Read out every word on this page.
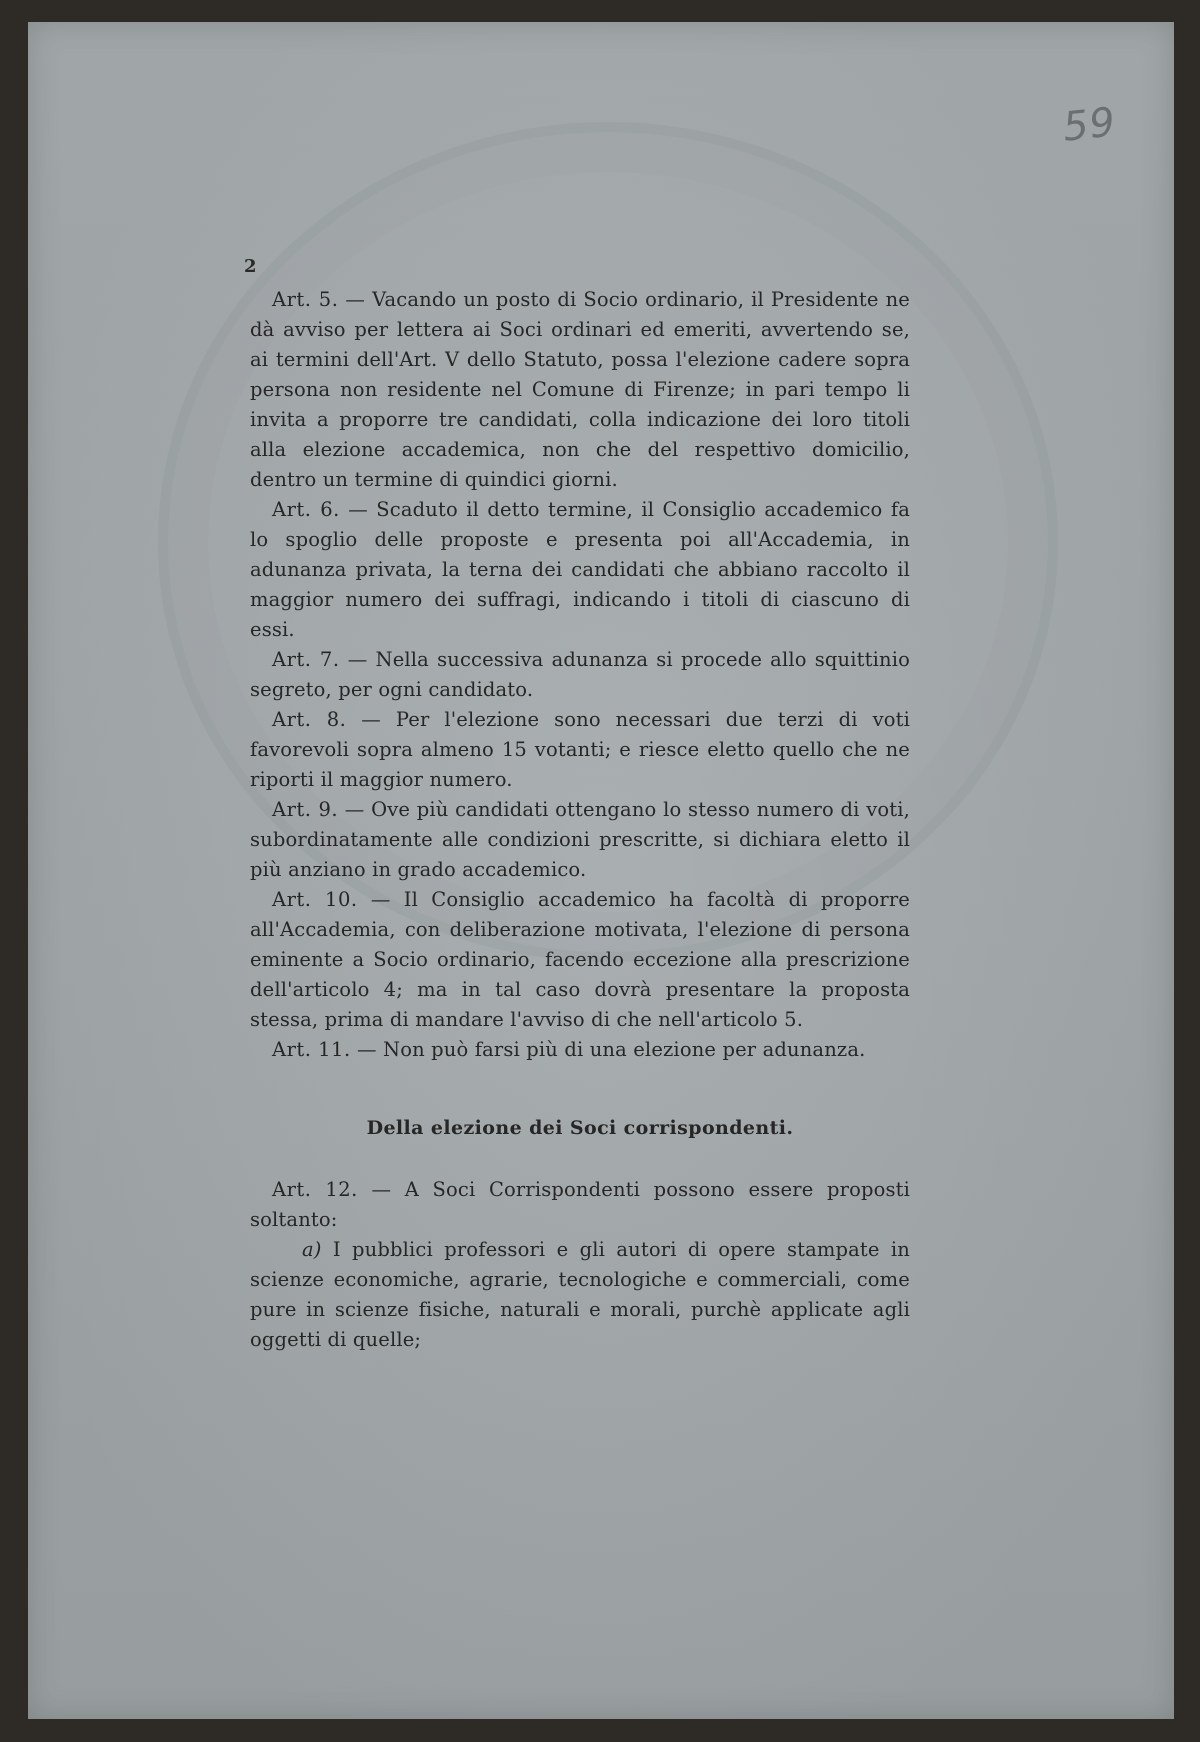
59
2

Art. 5. — Vacando un posto di Socio ordinario, il Presidente ne dà avviso per lettera ai Soci ordinari ed emeriti, avvertendo se, ai termini dell'Art. V dello Statuto, possa l'elezione cadere sopra persona non residente nel Comune di Firenze; in pari tempo li invita a proporre tre candidati, colla indicazione dei loro titoli alla elezione accademica, non che del respettivo domicilio, dentro un termine di quindici giorni.

Art. 6. — Scaduto il detto termine, il Consiglio accademico fa lo spoglio delle proposte e presenta poi all'Accademia, in adunanza privata, la terna dei candidati che abbiano raccolto il maggior numero dei suffragi, indicando i titoli di ciascuno di essi.

Art. 7. — Nella successiva adunanza si procede allo squittinio segreto, per ogni candidato.

Art. 8. — Per l'elezione sono necessari due terzi di voti favorevoli sopra almeno 15 votanti; e riesce eletto quello che ne riporti il maggior numero.

Art. 9. — Ove più candidati ottengano lo stesso numero di voti, subordinatamente alle condizioni prescritte, si dichiara eletto il più anziano in grado accademico.

Art. 10. — Il Consiglio accademico ha facoltà di proporre all'Accademia, con deliberazione motivata, l'elezione di persona eminente a Socio ordinario, facendo eccezione alla prescrizione dell'articolo 4; ma in tal caso dovrà presentare la proposta stessa, prima di mandare l'avviso di che nell'articolo 5.

Art. 11. — Non può farsi più di una elezione per adunanza.

Della elezione dei Soci corrispondenti.

Art. 12. — A Soci Corrispondenti possono essere proposti soltanto:

a) I pubblici professori e gli autori di opere stampate in scienze economiche, agrarie, tecnologiche e commerciali, come pure in scienze fisiche, naturali e morali, purchè applicate agli oggetti di quelle;
